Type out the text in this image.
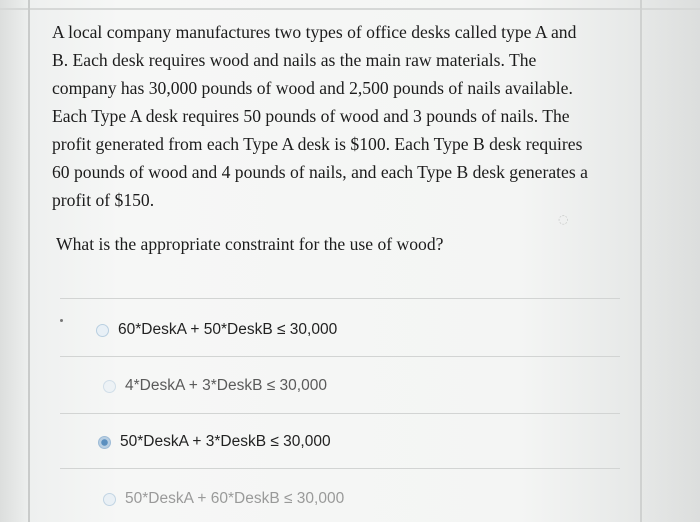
A local company manufactures two types of office desks called type A and
B. Each desk requires wood and nails as the main raw materials. The
company has 30,000 pounds of wood and 2,500 pounds of nails available.
Each Type A desk requires 50 pounds of wood and 3 pounds of nails. The
profit generated from each Type A desk is $100. Each Type B desk requires
60 pounds of wood and 4 pounds of nails, and each Type B desk generates a
profit of $150.
◌
What is the appropriate constraint for the use of wood?
60*DeskA + 50*DeskB ≤ 30,000
4*DeskA + 3*DeskB ≤ 30,000
50*DeskA + 3*DeskB ≤ 30,000
50*DeskA + 60*DeskB ≤ 30,000
